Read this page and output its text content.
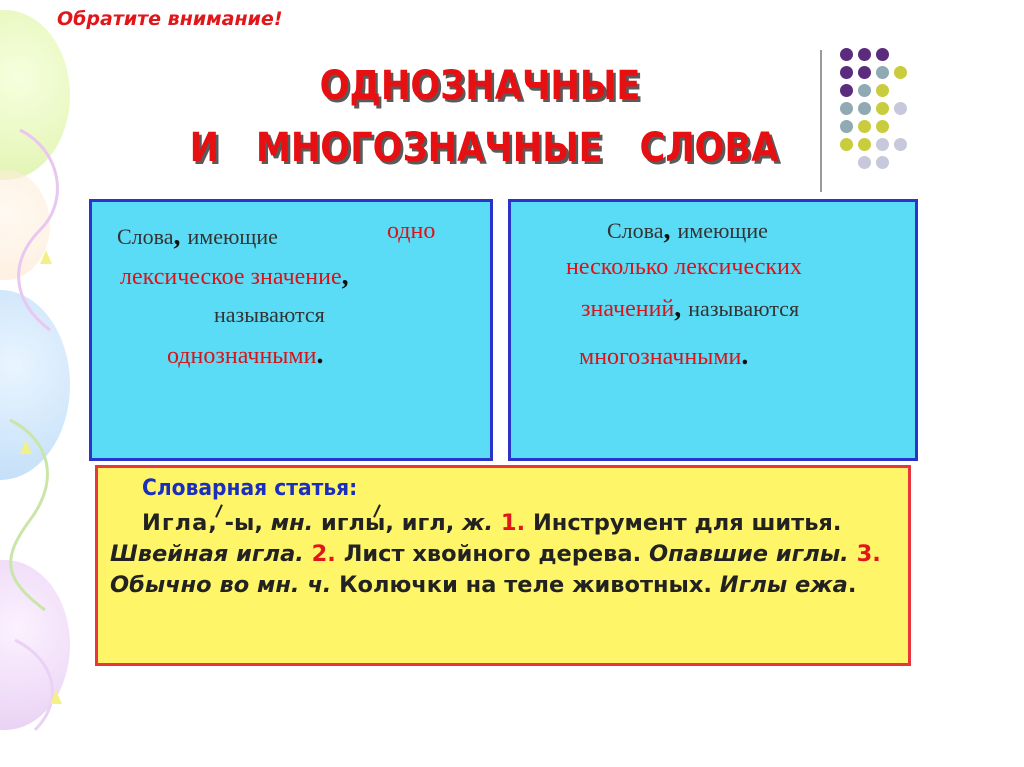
Обратите внимание!
ОДНОЗНАЧНЫЕ
И   МНОГОЗНАЧНЫЕ   СЛОВА
Слова, имеющие	одно
лексическое значение,
называются
однозначными.
Слова, имеющие
несколько лексических
значений, называются
многозначными.
Словарная статья:
Игла, -ы, мн. иглы, игл, ж. 1. Инструмент для шитья. Швейная игла. 2. Лист хвойного дерева. Опавшие иглы. 3. Обычно во мн. ч. Колючки на теле животных. Иглы ежа.
